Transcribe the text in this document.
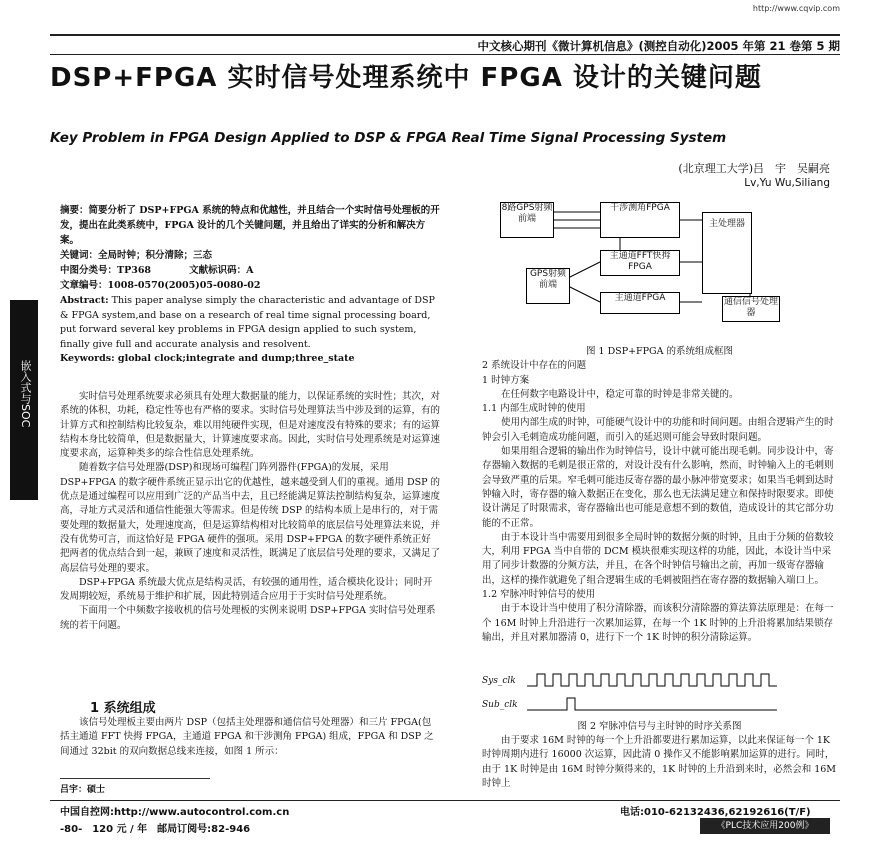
http://www.cqvip.com
中文核心期刊《微计算机信息》(测控自动化)2005 年第 21 卷第 5 期
DSP+FPGA 实时信号处理系统中 FPGA 设计的关键问题
Key Problem in FPGA Design Applied to DSP & FPGA Real Time Signal Processing System
(北京理工大学)吕　宇　吴嗣亮
Lv,Yu Wu,Siliang
摘要：简要分析了 DSP+FPGA 系统的特点和优越性，并且结合一个实时信号处理板的开发，提出在此类系统中，FPGA 设计的几个关键问题，并且给出了详实的分析和解决方案。
关键词：全局时钟；积分清除；三态
中图分类号：TP368　　　　	文献标识码：A
文章编号：1008-0570(2005)05-0080-02
Abstract: This paper analyse simply the characteristic and advantage of DSP & FPGA system,and base on a research of real time signal processing board, put forward several key problems in FPGA design applied to such system, finally give full and accurate analysis and resolvent.
Keywords: global clock;integrate and dump;three_state
嵌入式与SOC	实时信号处理系统要求必须具有处理大数据量的能力，以保证系统的实时性；其次，对系统的体积，功耗，稳定性等也有严格的要求。实时信号处理算法当中涉及到的运算，有的计算方式和控制结构比较复杂，难以用纯硬件实现，但是对速度没有特殊的要求；有的运算结构本身比较简单，但是数据量大，计算速度要求高。因此，实时信号处理系统是对运算速度要求高，运算种类多的综合性信息处理系统。

随着数字信号处理器(DSP)和现场可编程门阵列器件(FPGA)的发展，采用 DSP+FPGA 的数字硬件系统正显示出它的优越性，越来越受到人们的重视。通用 DSP 的优点是通过编程可以应用到广泛的产品当中去，且已经能满足算法控制结构复杂，运算速度高，寻址方式灵活和通信性能强大等需求。但是传统 DSP 的结构本质上是串行的，对于需要处理的数据量大，处理速度高，但是运算结构相对比较简单的底层信号处理算法来说，并没有优势可言，而这恰好是 FPGA 硬件的强项。采用 DSP+FPGA 的数字硬件系统正好把两者的优点结合到一起，兼顾了速度和灵活性，既满足了底层信号处理的要求，又满足了高层信号处理的要求。

DSP+FPGA 系统最大优点是结构灵活，有较强的通用性，适合模块化设计；同时开发周期较短，系统易于维护和扩展，因此特别适合应用于于实时信号处理系统。

下面用一个中频数字接收机的信号处理板的实例来说明 DSP+FPGA 实时信号处理系统的若干问题。

1 系统组成

该信号处理板主要由两片 DSP（包括主处理器和通信信号处理器）和三片 FPGA(包括主通道 FFT 快拇 FPGA，主通道 FPGA 和干涉测角 FPGA) 组成，FPGA 和 DSP 之间通过 32bit 的双向数据总线来连接，如图 1 所示：

吕宇：硕士
中国自控网:http://www.autocontrol.com.cn	电话:010-62132436,62192616(T/F)
-80-　120 元 / 年　邮局订阅号:82-946	《PLC技术应用200例》
8路GPS射频前端
干涉测角FPGA
主通道FFT快拇FPGA
GPS射频前端
主通道FPGA
主处理器
通信信号处理器
图 1 DSP+FPGA 的系统组成框图
2 系统设计中存在的问题
1 时钟方案

在任何数字电路设计中，稳定可靠的时钟是非常关键的。

1.1 内部生成时钟的使用

使用内部生成的时钟，可能硬气设计中的功能和时间问题。由组合逻辑产生的时钟会引入毛刺造成功能问题，而引入的延迟则可能会导致时限问题。

如果用组合逻辑的输出作为时钟信号，设计中就可能出现毛刺。同步设计中，寄存器输入数据的毛刺是很正常的，对设计没有什么影响，然而，时钟输入上的毛刺则会导致严重的后果。窄毛刺可能违反寄存器的最小脉冲带宽要求；如果当毛刺到达时钟输入时，寄存器的输入数据正在变化，那么也无法满足建立和保持时限要求。即使设计满足了时限需求，寄存器输出也可能是意想不到的数值，造成设计的其它部分功能的不正常。

由于本设计当中需要用到很多全局时钟的数据分频的时钟，且由于分频的倍数较大，利用 FPGA 当中自带的 DCM 模块很难实现这样的功能，因此，本设计当中采用了同步计数器的分频方法，并且，在各个时钟信号输出之前，再加一级寄存器输出，这样的操作就避免了组合逻辑生成的毛刺被阻挡在寄存器的数据输入端口上。

1.2 窄脉冲时钟信号的使用

由于本设计当中使用了积分清除器，而该积分清除器的算法算法原理是：在每一个 16M 时钟上升沿进行一次累加运算，在每一个 1K 时钟的上升沿将累加结果锁存输出，并且对累加器清 0，进行下一个 1K 时钟的积分清除运算。

Sys_clk
Sub_clk
图 2 窄脉冲信号与主时钟的时序关系图

由于要求 16M 时钟的每一个上升沿都要进行累加运算，以此来保证每一个 1K 时钟周期内进行 16000 次运算，因此清 0 操作又不能影响累加运算的进行。同时，由于 1K 时钟是由 16M 时钟分频得来的，1K 时钟的上升沿到来时，必然会和 16M 时钟上
